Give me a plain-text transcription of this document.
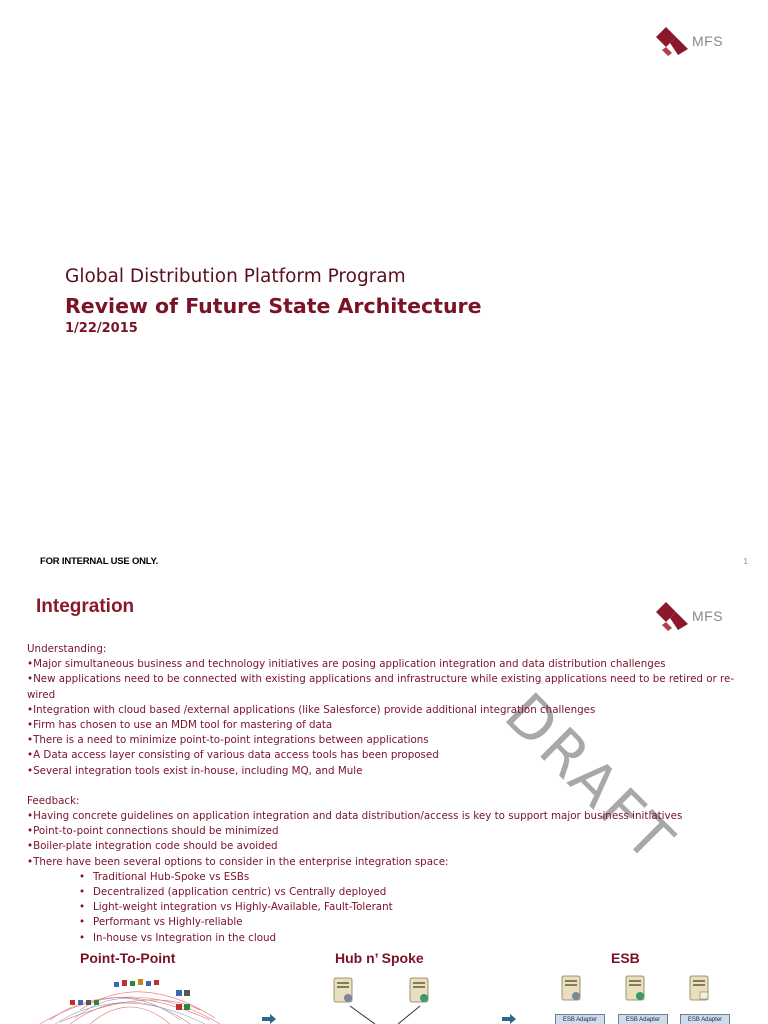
MFS
Global Distribution Platform Program
Review of Future State Architecture
1/22/2015
FOR INTERNAL USE ONLY.	1
Integration	MFS
DRAFT

Understanding:

•Major simultaneous business and technology initiatives are posing application integration and data distribution challenges

•New applications need to be connected with existing applications and infrastructure while existing applications need to be retired or re-wired

•Integration with cloud based /external applications (like Salesforce) provide additional integration challenges

•Firm has chosen to use an MDM tool for mastering of data

•There is a need to minimize point-to-point integrations between applications

•A Data access layer consisting of various data access tools has been proposed

•Several integration tools exist in-house, including MQ, and Mule

Feedback:

•Having concrete guidelines on application integration and data distribution/access is key to support major business initiatives

•Point-to-point connections should be minimized

•Boiler-plate integration code should be avoided

•There have been several options to consider in the enterprise integration space:

• Traditional Hub-Spoke vs ESBs
• Decentralized (application centric) vs Centrally deployed
• Light-weight integration vs Highly-Available, Fault-Tolerant
• Performant vs Highly-reliable
• In-house vs Integration in the cloud
Point-To-Point	Hub n’ Spoke	ESB
ESB Adapter	ESB Adapter	ESB Adapter
